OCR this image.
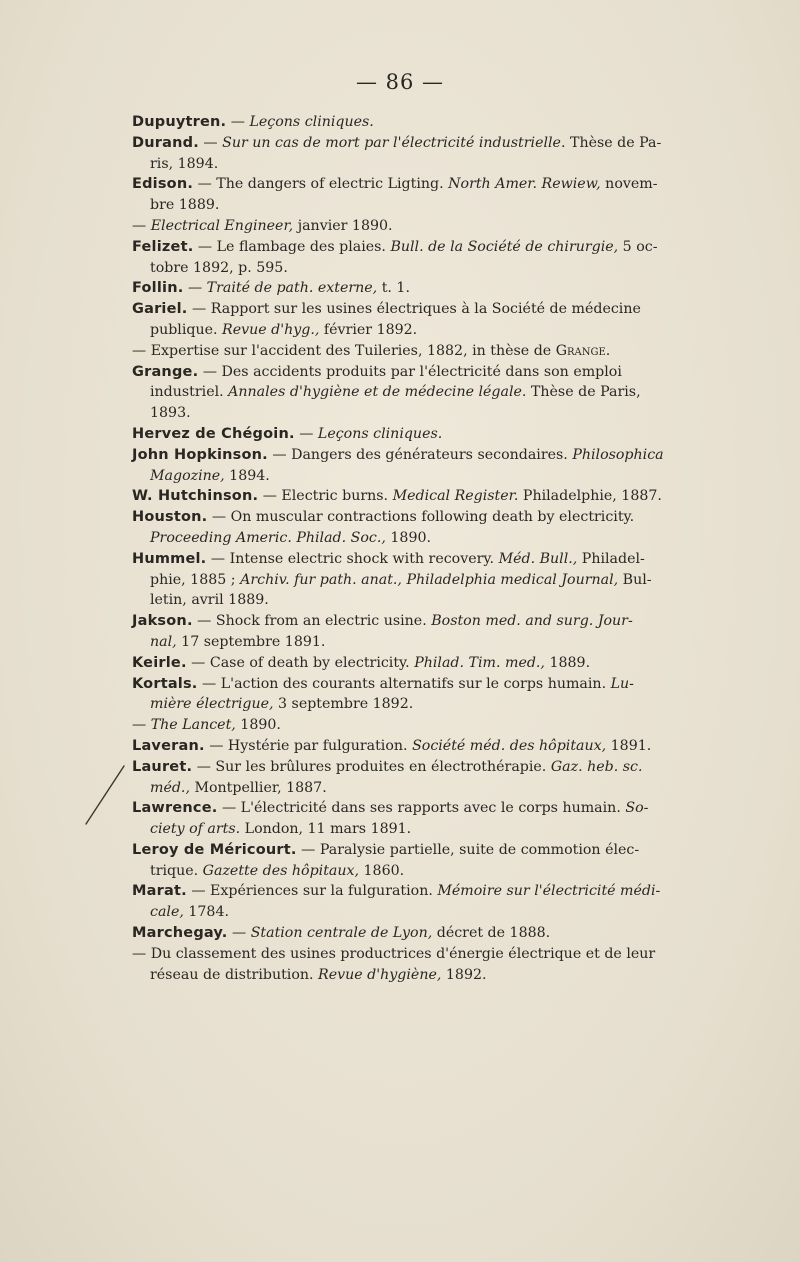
— 86 —
Dupuytren. — Leçons cliniques.
Durand. — Sur un cas de mort par l'électricité industrielle. Thèse de Pa-
ris, 1894.
Edison. — The dangers of electric Ligting. North Amer. Rewiew, novem-
bre 1889.
— Electrical Engineer, janvier 1890.
Felizet. — Le flambage des plaies. Bull. de la Société de chirurgie, 5 oc-
tobre 1892, p. 595.
Follin. — Traité de path. externe, t. 1.
Gariel. — Rapport sur les usines électriques à la Société de médecine
publique. Revue d'hyg., février 1892.
— Expertise sur l'accident des Tuileries, 1882, in thèse de Grange.
Grange. — Des accidents produits par l'électricité dans son emploi
industriel. Annales d'hygiène et de médecine légale. Thèse de Paris,
1893.
Hervez de Chégoin. — Leçons cliniques.
John Hopkinson. — Dangers des générateurs secondaires. Philosophica
Magozine, 1894.
W. Hutchinson. — Electric burns. Medical Register. Philadelphie, 1887.
Houston. — On muscular contractions following death by electricity.
Proceeding Americ. Philad. Soc., 1890.
Hummel. — Intense electric shock with recovery. Méd. Bull., Philadel-
phie, 1885 ; Archiv. fur path. anat., Philadelphia medical Journal, Bul-
letin, avril 1889.
Jakson. — Shock from an electric usine. Boston med. and surg. Jour-
nal, 17 septembre 1891.
Keirle. — Case of death by electricity. Philad. Tim. med., 1889.
Kortals. — L'action des courants alternatifs sur le corps humain. Lu-
mière électrigue, 3 septembre 1892.
— The Lancet, 1890.
Laveran. — Hystérie par fulguration. Société méd. des hôpitaux, 1891.
Lauret. — Sur les brûlures produites en électrothérapie. Gaz. heb. sc.
méd., Montpellier, 1887.
Lawrence. — L'électricité dans ses rapports avec le corps humain. So-
ciety of arts. London, 11 mars 1891.
Leroy de Méricourt. — Paralysie partielle, suite de commotion élec-
trique. Gazette des hôpitaux, 1860.
Marat. — Expériences sur la fulguration. Mémoire sur l'électricité médi-
cale, 1784.
Marchegay. — Station centrale de Lyon, décret de 1888.
— Du classement des usines productrices d'énergie électrique et de leur
réseau de distribution. Revue d'hygiène, 1892.
